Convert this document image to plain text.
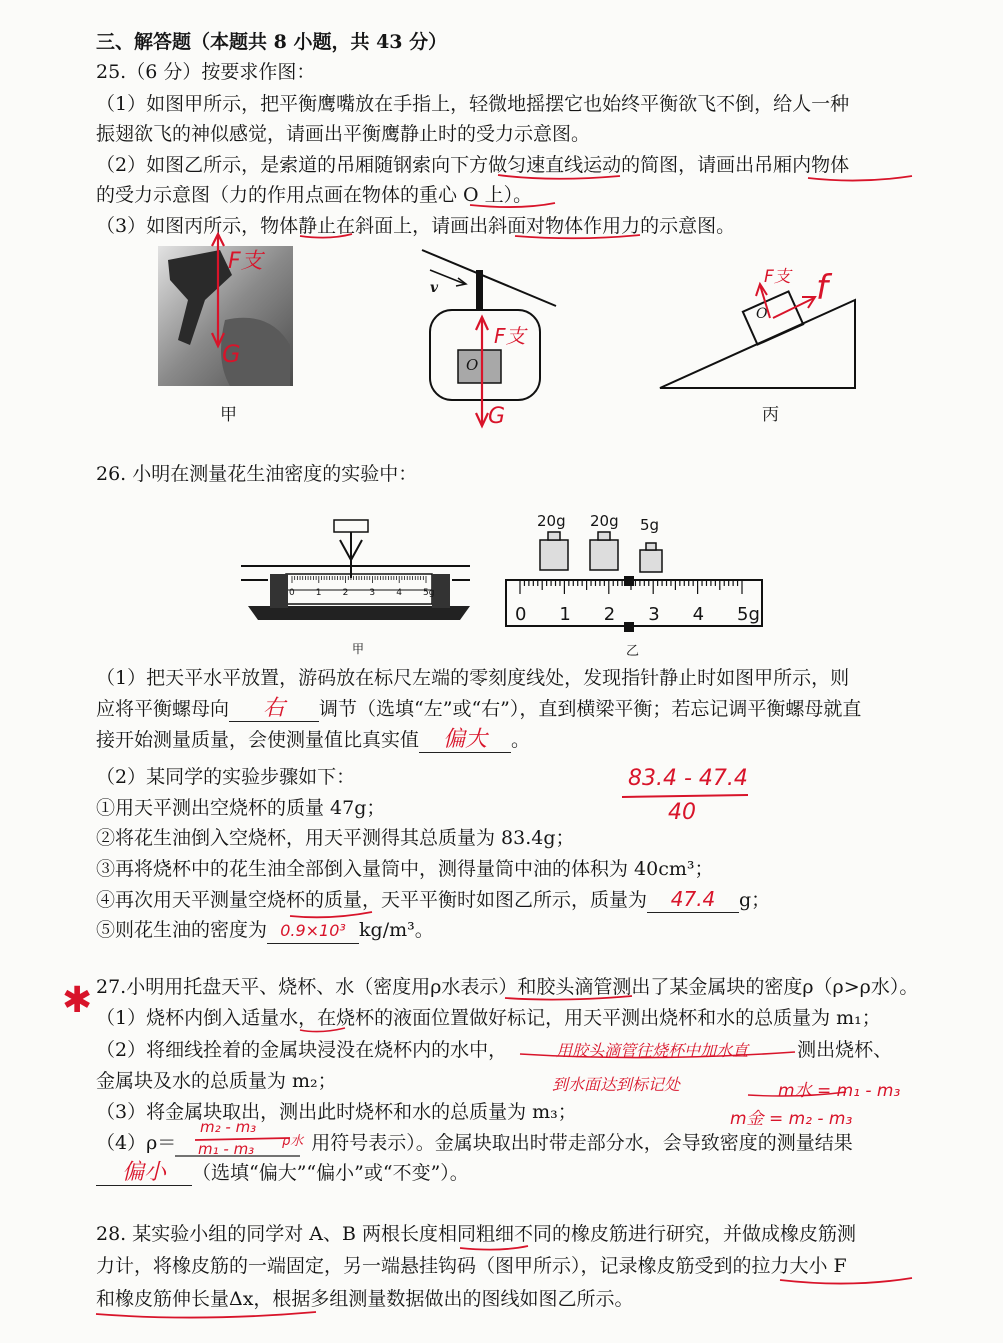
三、解答题（本题共 8 小题，共 43 分）
25.（6 分）按要求作图：
（1）如图甲所示，把平衡鹰嘴放在手指上，轻微地摇摆它也始终平衡欲飞不倒，给人一种
振翅欲飞的神似感觉，请画出平衡鹰静止时的受力示意图。
（2）如图乙所示，是索道的吊厢随钢索向下方做匀速直线运动的简图，请画出吊厢内物体
的受力示意图（力的作用点画在物体的重心 O 上）。
（3）如图丙所示，物体静止在斜面上，请画出斜面对物体作用力的示意图。
甲	丙
v
O
O
F支
G
F支
G
F支 f
26. 小明在测量花生油密度的实验中：
20g 20g 5g
0 1 2 3 4 5g
0 1 2 3 4 5g
甲	乙
（1）把天平水平放置，游码放在标尺左端的零刻度线处，发现指针静止时如图甲所示，则
应将平衡螺母向 右 调节（选填“左”或“右”），直到横梁平衡；若忘记调平衡螺母就直
接开始测量质量，会使测量值比真实值 偏大 。
（2）某同学的实验步骤如下：
①用天平测出空烧杯的质量 47g；
②将花生油倒入空烧杯，用天平测得其总质量为 83.4g；
③再将烧杯中的花生油全部倒入量筒中，测得量筒中油的体积为 40cm³；
④再次用天平测量空烧杯的质量，天平平衡时如图乙所示，质量为 47.4 g；
⑤则花生油的密度为 0.9×10³ kg/m³。
83.4 - 47.4
40
27.小明用托盘天平、烧杯、水（密度用ρ水表示）和胶头滴管测出了某金属块的密度ρ（ρ>ρ水）。
（1）烧杯内倒入适量水，在烧杯的液面位置做好标记，用天平测出烧杯和水的总质量为 m₁；
（2）将细线拴着的金属块浸没在烧杯内的水中，	用胶头滴管往烧杯中加水直	测出烧杯、
金属块及水的总质量为 m₂；
（3）将金属块取出，测出此时烧杯和水的总质量为 m₃；
（4）ρ＝	用符号表示）。金属块取出时带走部分水，会导致密度的测量结果
偏小 （选填“偏大”“偏小”或“不变”）。
✱
到水面达到标记处	m水 = m₁ - m₃
m金 = m₂ - m₃
m₂ - m₃
m₁ - m₃ ρ水
28. 某实验小组的同学对 A、B 两根长度相同粗细不同的橡皮筋进行研究，并做成橡皮筋测
力计，将橡皮筋的一端固定，另一端悬挂钩码（图甲所示），记录橡皮筋受到的拉力大小 F
和橡皮筋伸长量Δx，根据多组测量数据做出的图线如图乙所示。
